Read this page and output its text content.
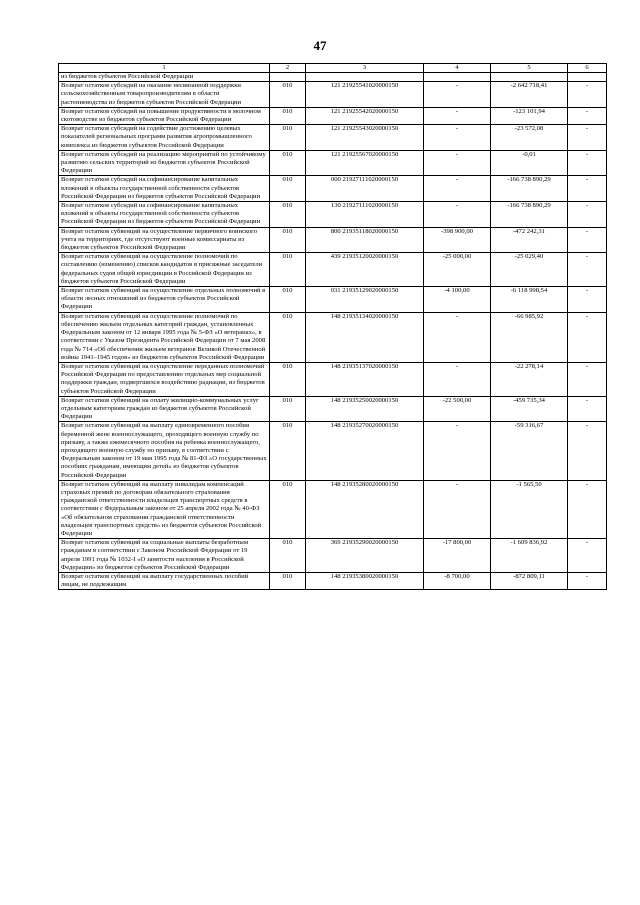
47
1	2	3	4	5	6
из бюджетов субъектов Российской Федерации					
Возврат остатков субсидий на оказание несвязанной поддержки сельскохозяйственным товаропроизводителям в области растениеводства из бюджетов субъектов Российской Федерации	010	121 21925541020000150	-	-2 642 718,41	-
Возврат остатков субсидий на повышение продуктивности в молочном скотоводстве из бюджетов субъектов Российской Федерации	010	121 21925542020000150	-	-123 101,94	-
Возврат остатков субсидий на содействие достижению целевых показателей региональных программ развития агропромышленного комплекса из бюджетов субъектов Российской Федерации	010	121 21925543020000150	-	-23 572,08	-
Возврат остатков субсидий на реализацию мероприятий по устойчивому развитию сельских территорий из бюджетов субъектов Российской Федерации	010	121 21925567020000150	-	-0,01	-
Возврат остатков субсидий на софинансирование капитальных вложений в объекты государственной собственности субъектов Российской Федерации из бюджетов субъектов Российской Федерации	010	000 21927111020000150	-	-166 738 890,29	-
Возврат остатков субсидий на софинансирование капитальных вложений в объекты государственной собственности субъектов Российской Федерации из бюджетов субъектов Российской Федерации	010	130 21927111020000150	-	-166 738 890,29	-
Возврат остатков субвенций на осуществление первичного воинского учета на территориях, где отсутствуют военные комиссариаты из бюджетов субъектов Российской Федерации	010	800 21935118020000150	-398 900,00	-472 242,31	-
Возврат остатков субвенций на осуществление полномочий по составлению (изменению) списков кандидатов в присяжные заседатели федеральных судов общей юрисдикции в Российской Федерации из бюджетов субъектов Российской Федерации	010	439 21935120020000150	-25 000,00	-25 029,40	-
Возврат остатков субвенций на осуществление отдельных полномочий в области лесных отношений из бюджетов субъектов Российской Федерации	010	031 21935129020000150	-4 100,00	-6 118 998,54	-
Возврат остатков субвенций на осуществление полномочий по обеспечению жильем отдельных категорий граждан, установленных Федеральным законом от 12 января 1995 года № 5-ФЗ «О ветеранах», в соответствии с Указом Президента Российской Федерации от 7 мая 2008 года № 714 «Об обеспечении жильем ветеранов Великой Отечественной войны 1941–1945 годов» из бюджетов субъектов Российской Федерации	010	148 21935134020000150	-	-66 985,92	-
Возврат остатков субвенций на осуществление переданных полномочий Российской Федерации по предоставлению отдельных мер социальной поддержки граждан, подвергшихся воздействию радиации, из бюджетов субъектов Российской Федерации	010	148 21935137020000150	-	-22 278,14	-
Возврат остатков субвенций на оплату жилищно-коммунальных услуг отдельным категориям граждан из бюджетов субъектов Российской Федерации	010	148 21935250020000150	-22 500,00	-459 735,34	-
Возврат остатков субвенций на выплату единовременного пособия беременной жене военнослужащего, проходящего военную службу по призыву, а также ежемесячного пособия на ребенка военнослужащего, проходящего военную службу по призыву, в соответствии с Федеральным законом от 19 мая 1995 года № 81-ФЗ «О государственных пособиях гражданам, имеющим детей» из бюджетов субъектов Российской Федерации	010	148 21935270020000150	-	-59 316,67	-
Возврат остатков субвенций на выплату инвалидам компенсаций страховых премий по договорам обязательного страхования гражданской ответственности владельцев транспортных средств в соответствии с Федеральным законом от 25 апреля 2002 года № 40-ФЗ «Об обязательном страховании гражданской ответственности владельцев транспортных средств» из бюджетов субъектов Российской Федерации	010	148 21935280020000150	-	-1 565,50	-
Возврат остатков субвенций на социальные выплаты безработным гражданам в соответствии с Законом Российской Федерации от 19 апреля 1991 года № 1032-I «О занятости населения в Российской Федерации» из бюджетов субъектов Российской Федерации	010	369 21935290020000150	-17 800,00	-1 609 836,92	-
Возврат остатков субвенций на выплату государственных пособий лицам, не подлежащим	010	148 21935380020000150	-8 700,00	-872 809,11	-
